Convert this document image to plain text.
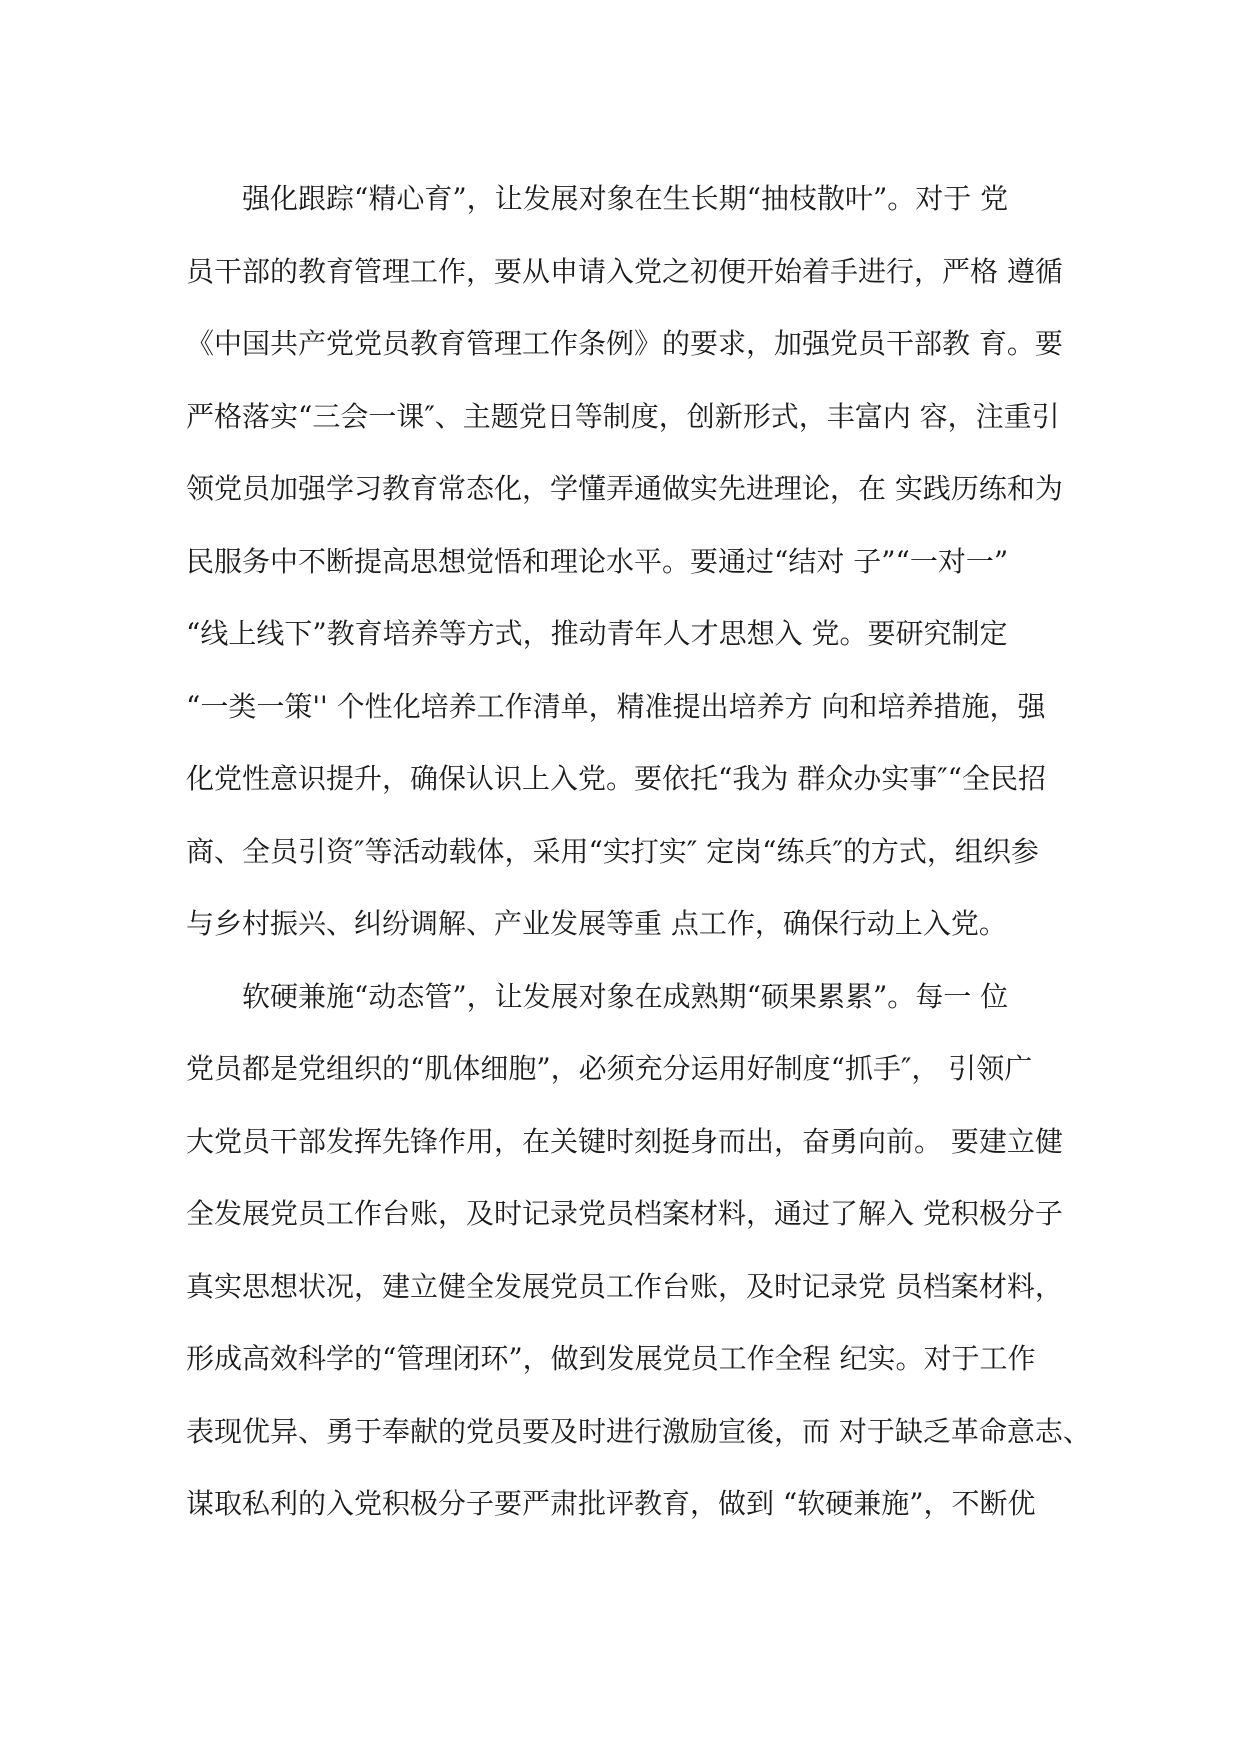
　　强化跟踪“精心育”，让发展对象在生长期“抽枝散叶”。对于 党
员干部的教育管理工作，要从申请入党之初便开始着手进行，严格 遵循
《中国共产党党员教育管理工作条例》的要求，加强党员干部教 育。要
严格落实“三会一课″、主题党日等制度，创新形式，丰富内 容，注重引
领党员加强学习教育常态化，学懂弄通做实先进理论，在 实践历练和为
民服务中不断提高思想觉悟和理论水平。要通过“结对 子”“一对一”
“线上线下”教育培养等方式，推动青年人才思想入 党。要研究制定
“一类一策'' 个性化培养工作清单，精准提出培养方 向和培养措施，强
化党性意识提升，确保认识上入党。要依托“我为 群众办实事″“全民招
商、全员引资″等活动载体，采用“实打实″ 定岗“练兵″的方式，组织参
与乡村振兴、纠纷调解、产业发展等重 点工作，确保行动上入党。
　　软硬兼施“动态管”，让发展对象在成熟期“硕果累累”。每一 位
党员都是党组织的“肌体细胞”，必须充分运用好制度“抓手″， 引领广
大党员干部发挥先锋作用，在关键时刻挺身而出，奋勇向前。 要建立健
全发展党员工作台账，及时记录党员档案材料，通过了解入 党积极分子
真实思想状况，建立健全发展党员工作台账，及时记录党 员档案材料，
形成高效科学的“管理闭环”，做到发展党员工作全程 纪实。对于工作
表现优异、勇于奉献的党员要及时进行激励宣後，而 对于缺乏革命意志、
谋取私利的入党积极分子要严肃批评教育，做到 “软硬兼施”，不断优
